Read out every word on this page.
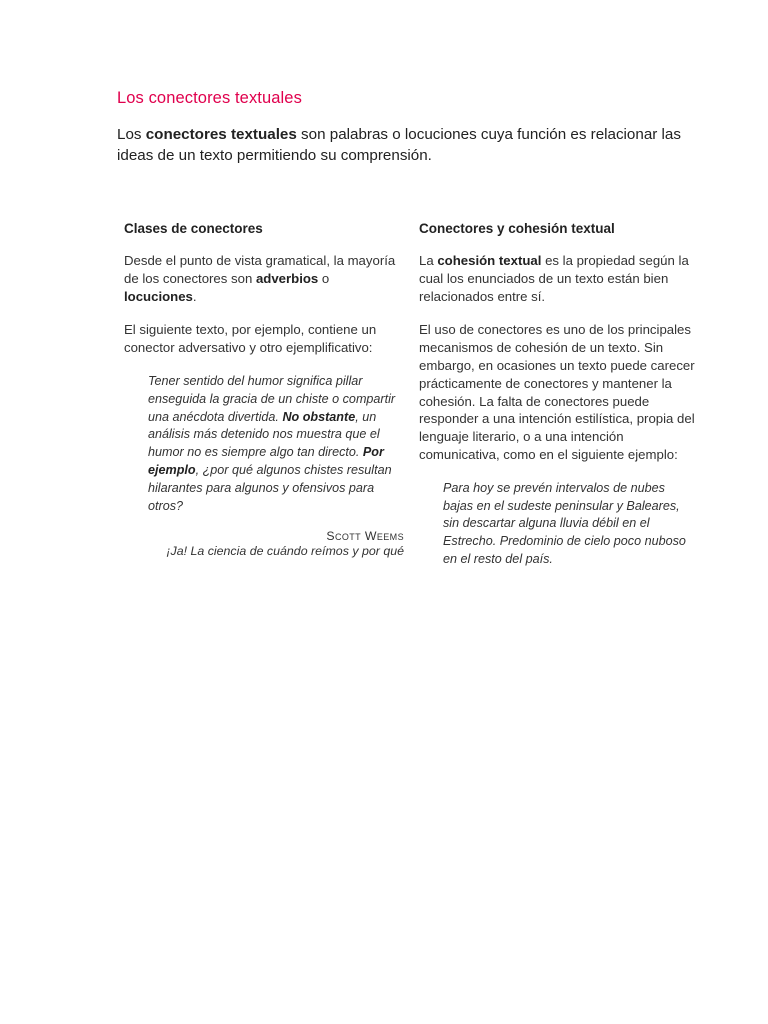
Los conectores textuales
Los conectores textuales son palabras o locuciones cuya función es relacionar las ideas de un texto permitiendo su comprensión.
Clases de conectores

Desde el punto de vista gramatical, la mayoría de los conectores son adverbios o locuciones.

El siguiente texto, por ejemplo, contiene un conector adversativo y otro ejemplificativo:

Tener sentido del humor significa pillar enseguida la gracia de un chiste o compartir una anécdota divertida. No obstante, un análisis más detenido nos muestra que el humor no es siempre algo tan directo. Por ejemplo, ¿por qué algunos chistes resultan hilarantes para algunos y ofensivos para otros?
Scott Weems
¡Ja! La ciencia de cuándo reímos y por qué
Conectores y cohesión textual

La cohesión textual es la propiedad según la cual los enunciados de un texto están bien relacionados entre sí.

El uso de conectores es uno de los principales mecanismos de cohesión de un texto. Sin embargo, en ocasiones un texto puede carecer prácticamente de conectores y mantener la cohesión. La falta de conectores puede responder a una intención estilística, propia del lenguaje literario, o a una intención comunicativa, como en el siguiente ejemplo:

Para hoy se prevén intervalos de nubes bajas en el sudeste peninsular y Baleares, sin descartar alguna lluvia débil en el Estrecho. Predominio de cielo poco nuboso en el resto del país.
